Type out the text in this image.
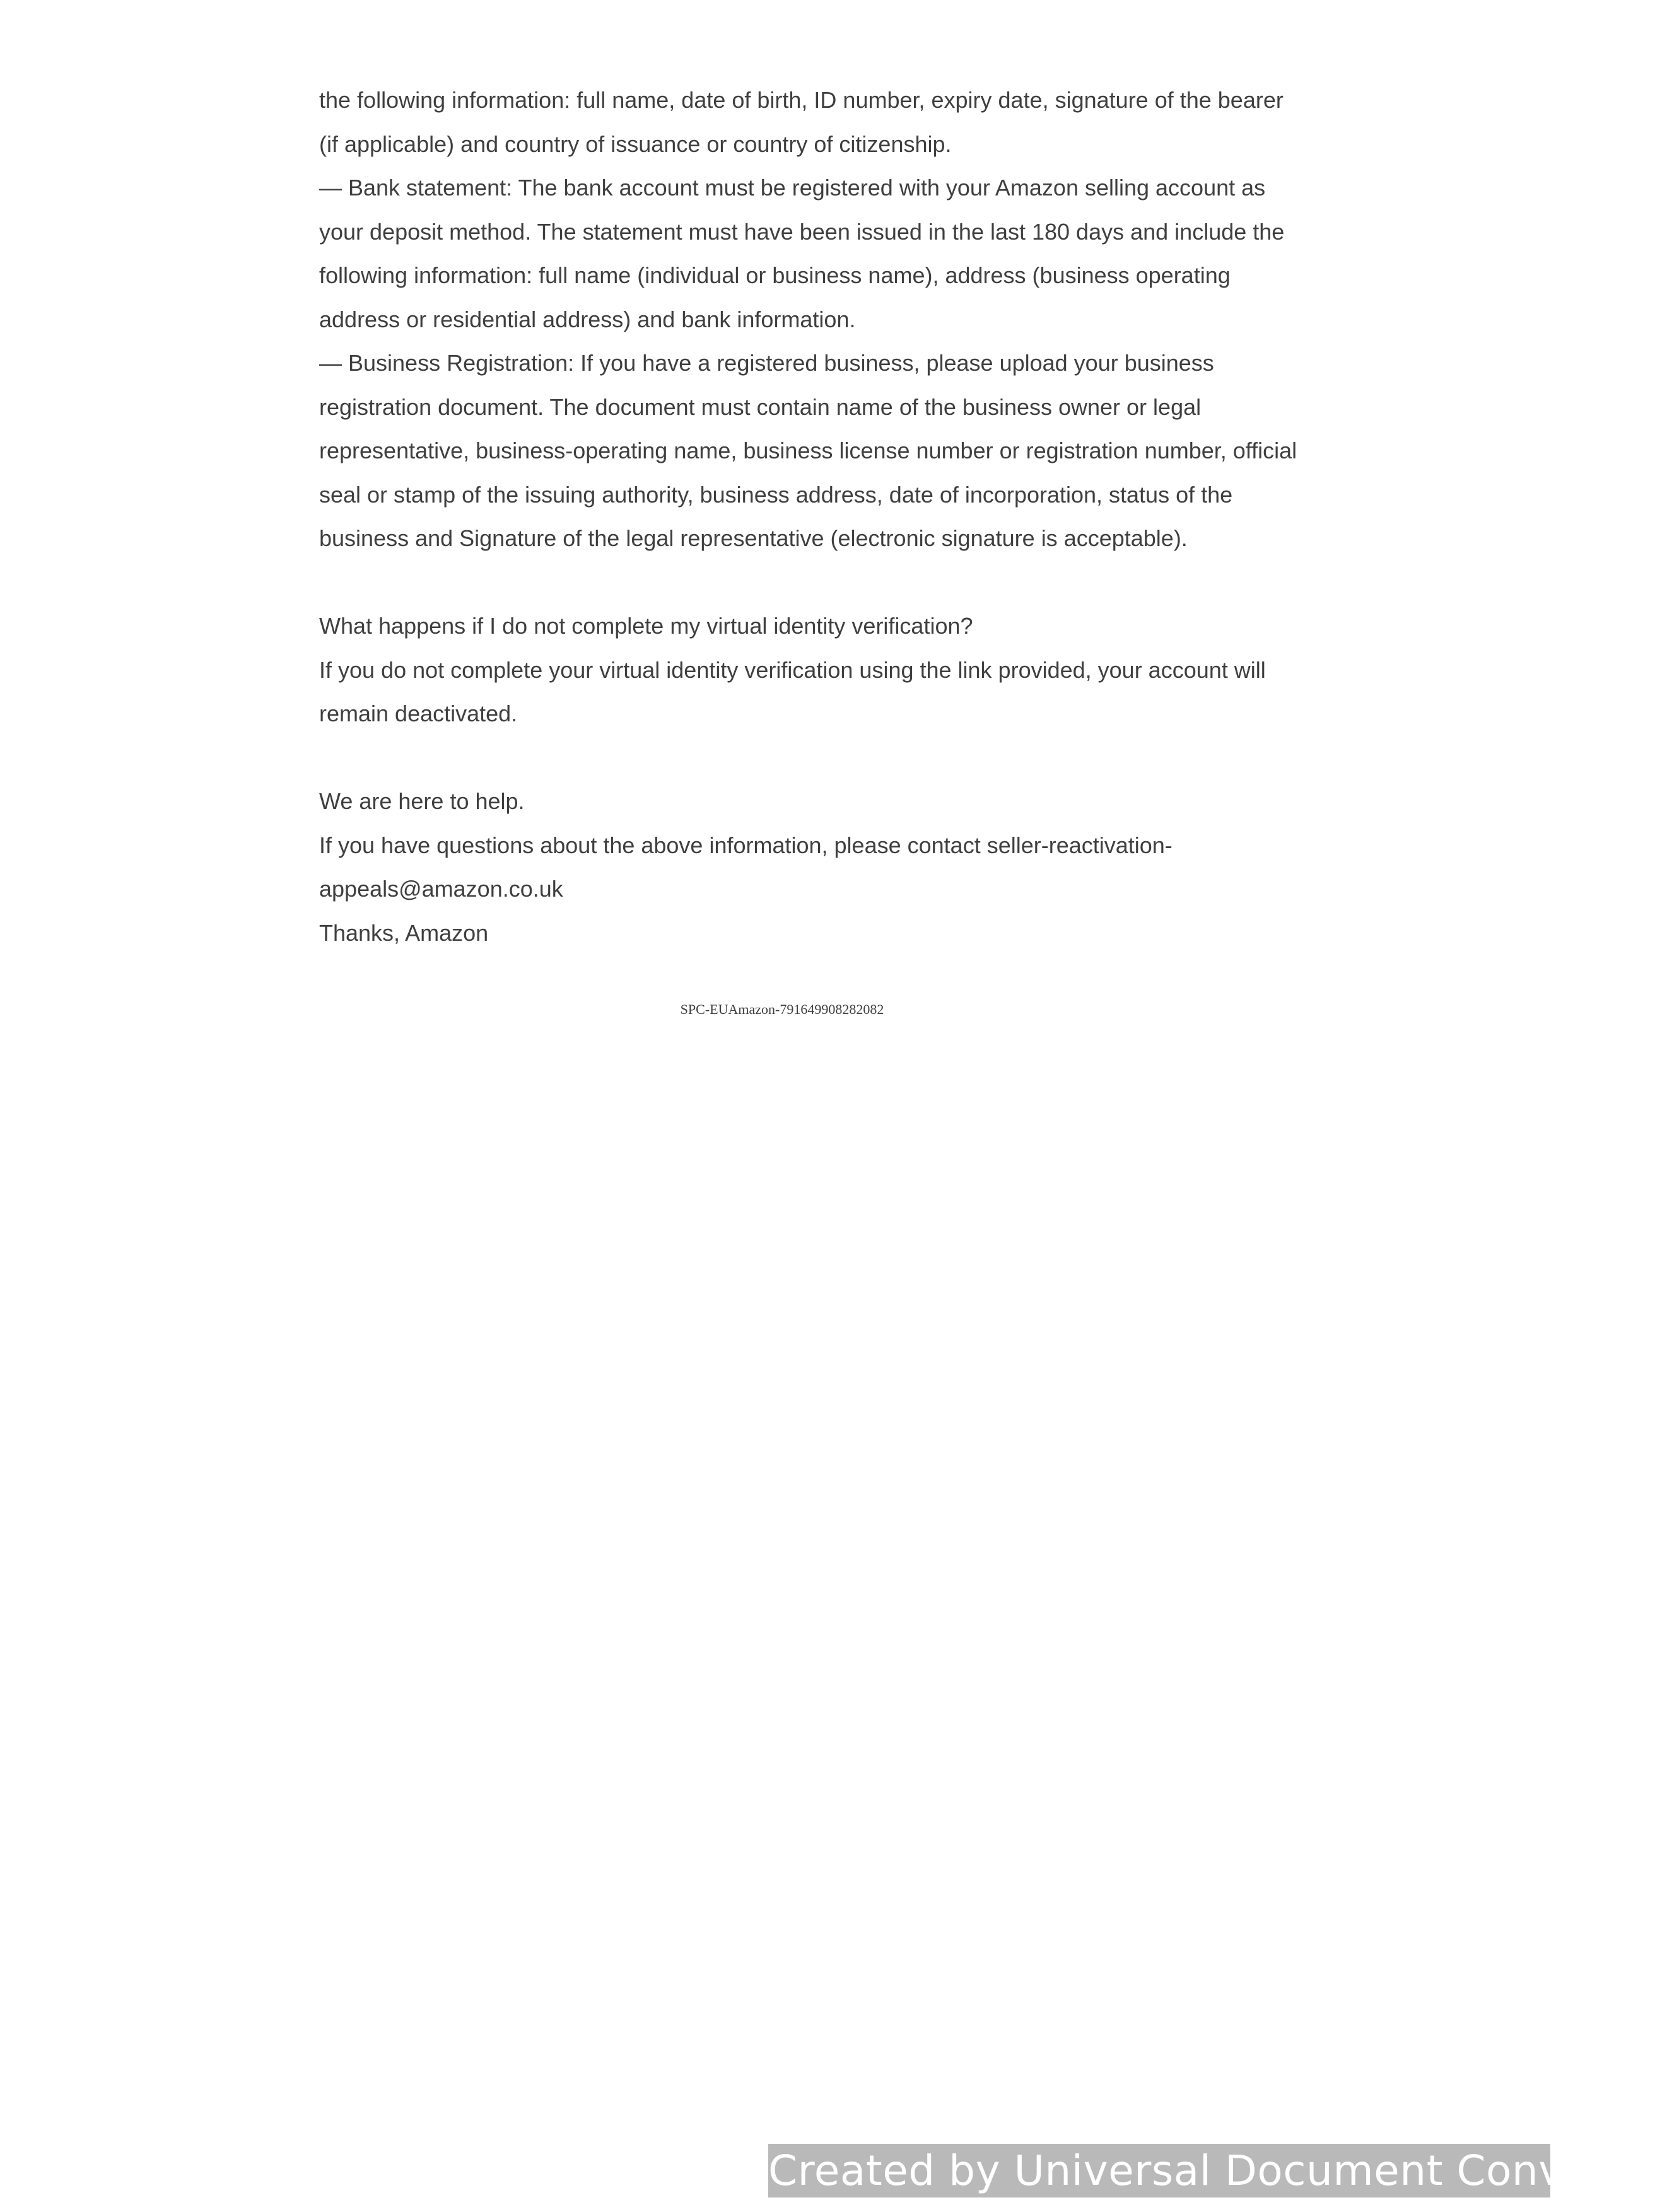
the following information: full name, date of birth, ID number, expiry date, signature of the bearer
(if applicable) and country of issuance or country of citizenship.
— Bank statement: The bank account must be registered with your Amazon selling account as
your deposit method. The statement must have been issued in the last 180 days and include the
following information: full name (individual or business name), address (business operating
address or residential address) and bank information.
— Business Registration: If you have a registered business, please upload your business
registration document. The document must contain name of the business owner or legal
representative, business-operating name, business license number or registration number, official
seal or stamp of the issuing authority, business address, date of incorporation, status of the
business and Signature of the legal representative (electronic signature is acceptable).
What happens if I do not complete my virtual identity verification?
If you do not complete your virtual identity verification using the link provided, your account will
remain deactivated.
We are here to help.
If you have questions about the above information, please contact seller-reactivation-
appeals@amazon.co.uk
Thanks, Amazon
SPC-EUAmazon-791649908282082
Created by Universal Document Converter
